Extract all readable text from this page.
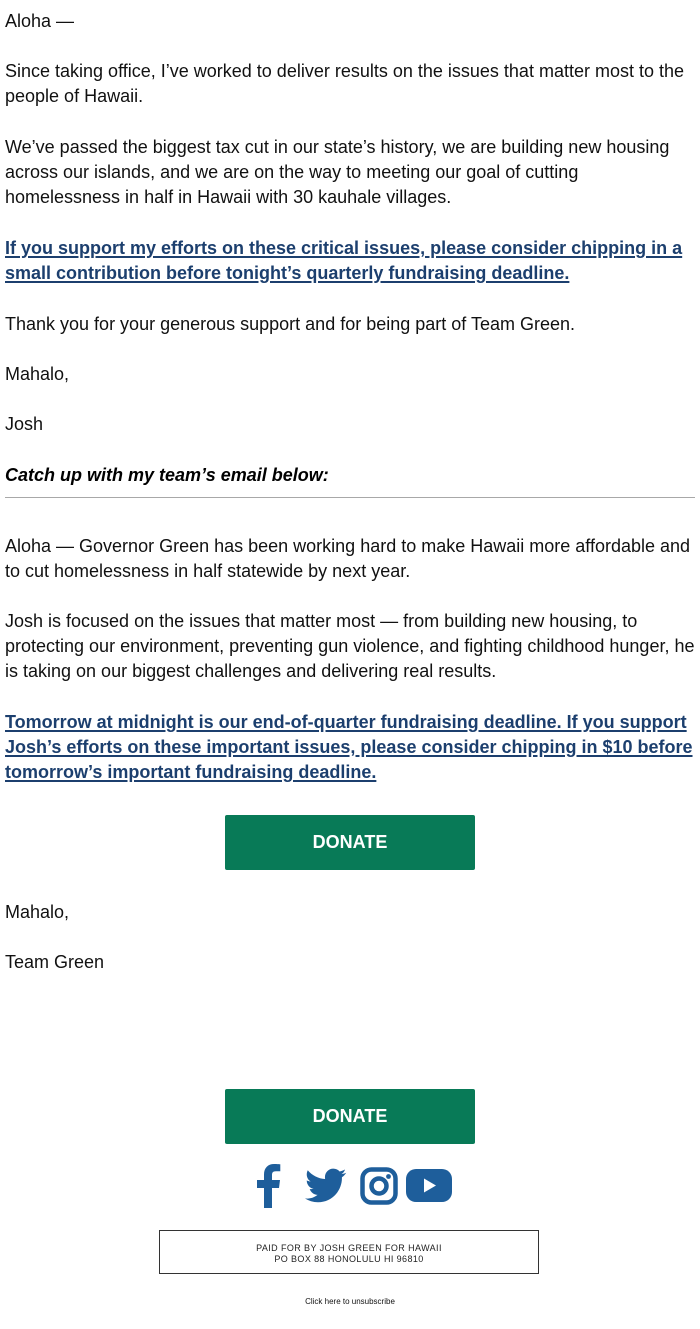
Aloha —

Since taking office, I’ve worked to deliver results on the issues that matter most to the people of Hawaii.

We’ve passed the biggest tax cut in our state’s history, we are building new housing across our islands, and we are on the way to meeting our goal of cutting homelessness in half in Hawaii with 30 kauhale villages.

If you support my efforts on these critical issues, please consider chipping in a small contribution before tonight’s quarterly fundraising deadline.

Thank you for your generous support and for being part of Team Green.

Mahalo,

Josh

Catch up with my team’s email below:

Aloha — Governor Green has been working hard to make Hawaii more affordable and to cut homelessness in half statewide by next year.

Josh is focused on the issues that matter most — from building new housing, to protecting our environment, preventing gun violence, and fighting childhood hunger, he is taking on our biggest challenges and delivering real results.

Tomorrow at midnight is our end-of-quarter fundraising deadline. If you support Josh’s efforts on these important issues, please consider chipping in $10 before tomorrow’s important fundraising deadline.

DONATE

Mahalo,

Team Green

DONATE
PAID FOR BY JOSH GREEN FOR HAWAII
PO BOX 88 HONOLULU HI 96810
Click here to unsubscribe
